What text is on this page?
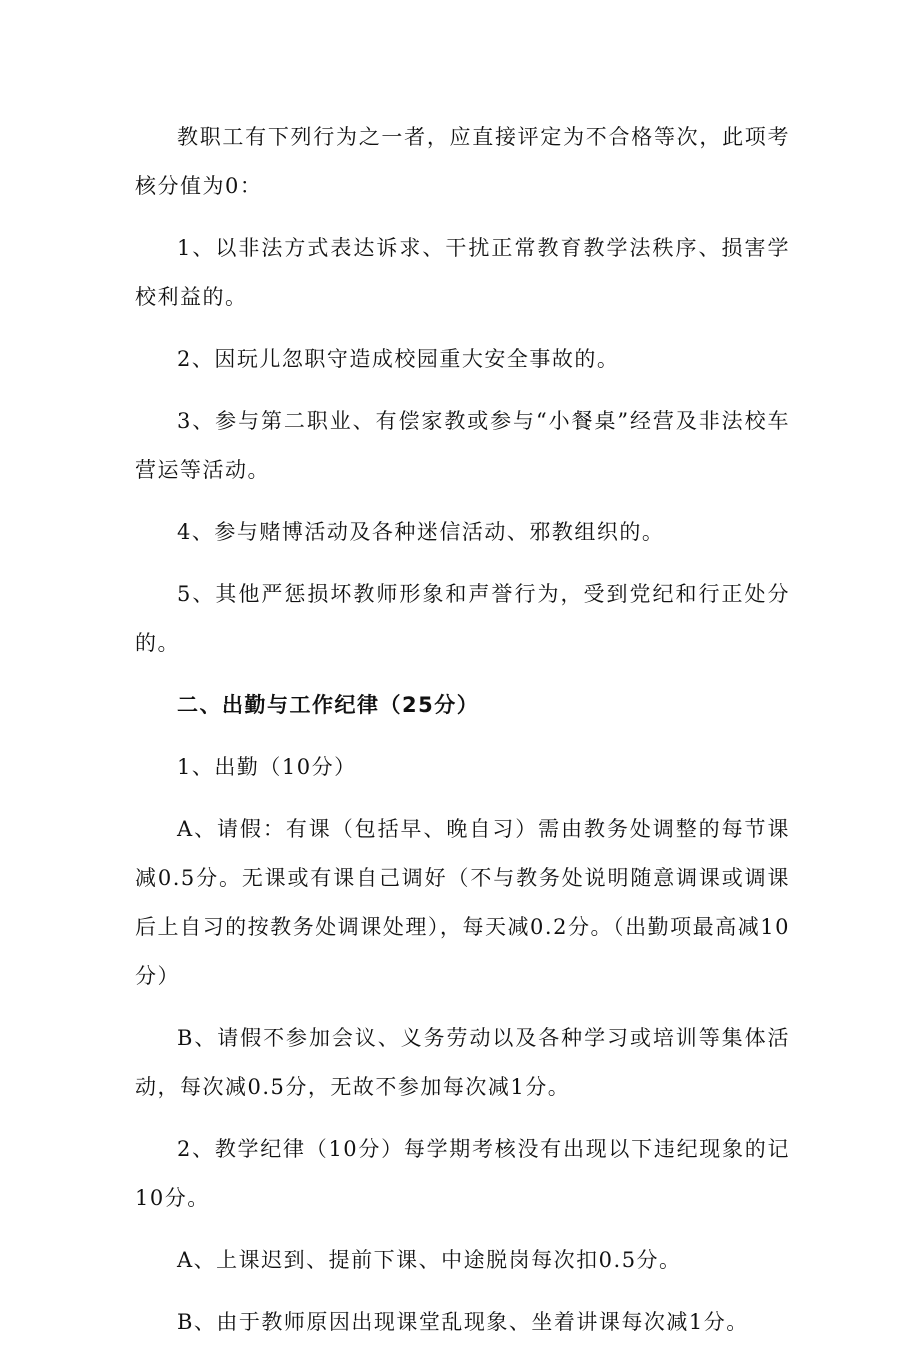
教职工有下列行为之一者，应直接评定为不合格等次，此项考核分值为0：

1、以非法方式表达诉求、干扰正常教育教学法秩序、损害学校利益的。

2、因玩儿忽职守造成校园重大安全事故的。

3、参与第二职业、有偿家教或参与“小餐桌”经营及非法校车营运等活动。

4、参与赌博活动及各种迷信活动、邪教组织的。

5、其他严惩损坏教师形象和声誉行为，受到党纪和行正处分的。

二、出勤与工作纪律（25分）

1、出勤（10分）

A、请假：有课（包括早、晚自习）需由教务处调整的每节课减0.5分。无课或有课自己调好（不与教务处说明随意调课或调课后上自习的按教务处调课处理），每天减0.2分。（出勤项最高减10分）

B、请假不参加会议、义务劳动以及各种学习或培训等集体活动，每次减0.5分，无故不参加每次减1分。

2、教学纪律（10分）每学期考核没有出现以下违纪现象的记10分。

A、上课迟到、提前下课、中途脱岗每次扣0.5分。

B、由于教师原因出现课堂乱现象、坐着讲课每次减1分。
